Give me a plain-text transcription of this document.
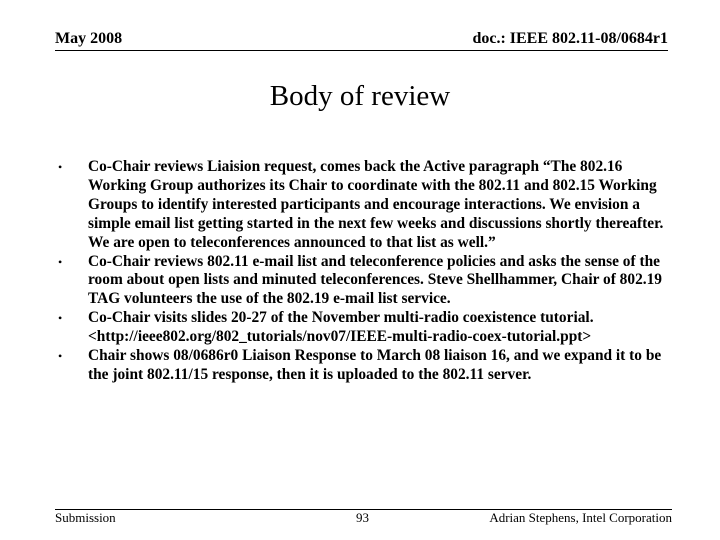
May 2008	doc.: IEEE 802.11-08/0684r1
Body of review
• Co-Chair reviews Liaision request, comes back the Active paragraph “The 802.16 Working Group authorizes its Chair to coordinate with the 802.11 and 802.15 Working Groups to identify interested participants and encourage interactions. We envision a simple email list getting started in the next few weeks and discussions shortly thereafter. We are open to teleconferences announced to that list as well.”
• Co-Chair reviews 802.11 e-mail list and teleconference policies and asks the sense of the room about open lists and minuted teleconferences. Steve Shellhammer, Chair of 802.19 TAG volunteers the use of the 802.19 e-mail list service.
• Co-Chair visits slides 20-27 of the November multi-radio coexistence tutorial. <http://ieee802.org/802_tutorials/nov07/IEEE-multi-radio-coex-tutorial.ppt>
• Chair shows 08/0686r0 Liaison Response to March 08 liaison 16, and we expand it to be the joint 802.11/15 response, then it is uploaded to the 802.11 server.
Submission	93	Adrian Stephens, Intel Corporation
